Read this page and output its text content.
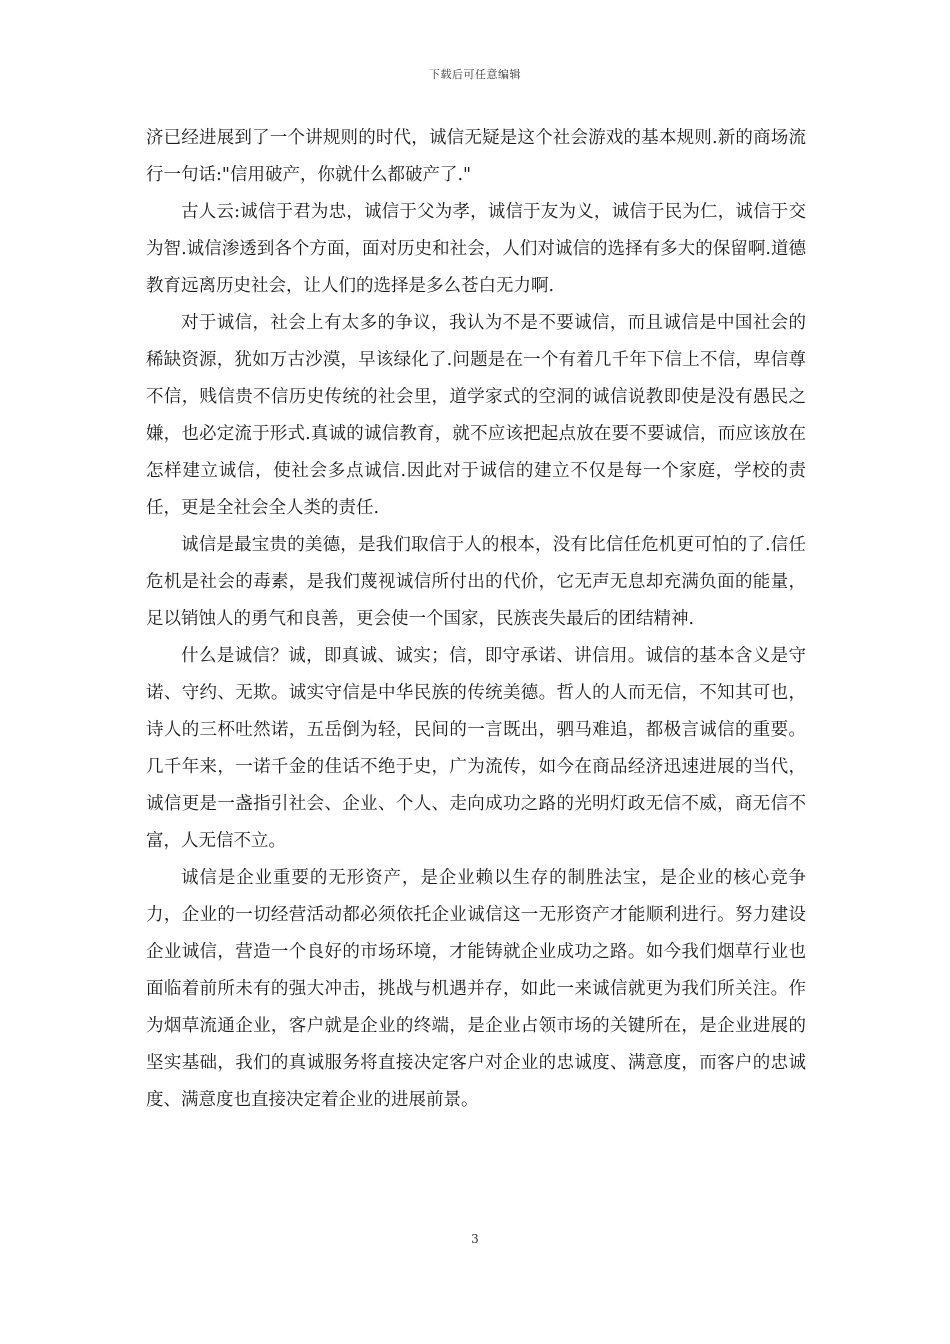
下载后可任意编辑

济已经进展到了一个讲规则的时代，诚信无疑是这个社会游戏的基本规则.新的商场流行一句话:"信用破产，你就什么都破产了."

古人云:诚信于君为忠，诚信于父为孝，诚信于友为义，诚信于民为仁，诚信于交为智.诚信渗透到各个方面，面对历史和社会，人们对诚信的选择有多大的保留啊.道德教育远离历史社会，让人们的选择是多么苍白无力啊.

对于诚信，社会上有太多的争议，我认为不是不要诚信，而且诚信是中国社会的稀缺资源，犹如万古沙漠，早该绿化了.问题是在一个有着几千年下信上不信，卑信尊不信，贱信贵不信历史传统的社会里，道学家式的空洞的诚信说教即使是没有愚民之嫌，也必定流于形式.真诚的诚信教育，就不应该把起点放在要不要诚信，而应该放在怎样建立诚信，使社会多点诚信.因此对于诚信的建立不仅是每一个家庭，学校的责任，更是全社会全人类的责任.

诚信是最宝贵的美德，是我们取信于人的根本，没有比信任危机更可怕的了.信任危机是社会的毒素，是我们蔑视诚信所付出的代价，它无声无息却充满负面的能量，足以销蚀人的勇气和良善，更会使一个国家，民族丧失最后的团结精神.

什么是诚信？诚，即真诚、诚实；信，即守承诺、讲信用。诚信的基本含义是守诺、守约、无欺。诚实守信是中华民族的传统美德。哲人的人而无信，不知其可也，诗人的三杯吐然诺，五岳倒为轻，民间的一言既出，驷马难追，都极言诚信的重要。几千年来，一诺千金的佳话不绝于史，广为流传，如今在商品经济迅速进展的当代，诚信更是一盏指引社会、企业、个人、走向成功之路的光明灯政无信不威，商无信不富，人无信不立。

诚信是企业重要的无形资产，是企业赖以生存的制胜法宝，是企业的核心竞争力，企业的一切经营活动都必须依托企业诚信这一无形资产才能顺利进行。努力建设企业诚信，营造一个良好的市场环境，才能铸就企业成功之路。如今我们烟草行业也面临着前所未有的强大冲击，挑战与机遇并存，如此一来诚信就更为我们所关注。作为烟草流通企业，客户就是企业的终端，是企业占领市场的关键所在，是企业进展的坚实基础，我们的真诚服务将直接决定客户对企业的忠诚度、满意度，而客户的忠诚度、满意度也直接决定着企业的进展前景。

3
